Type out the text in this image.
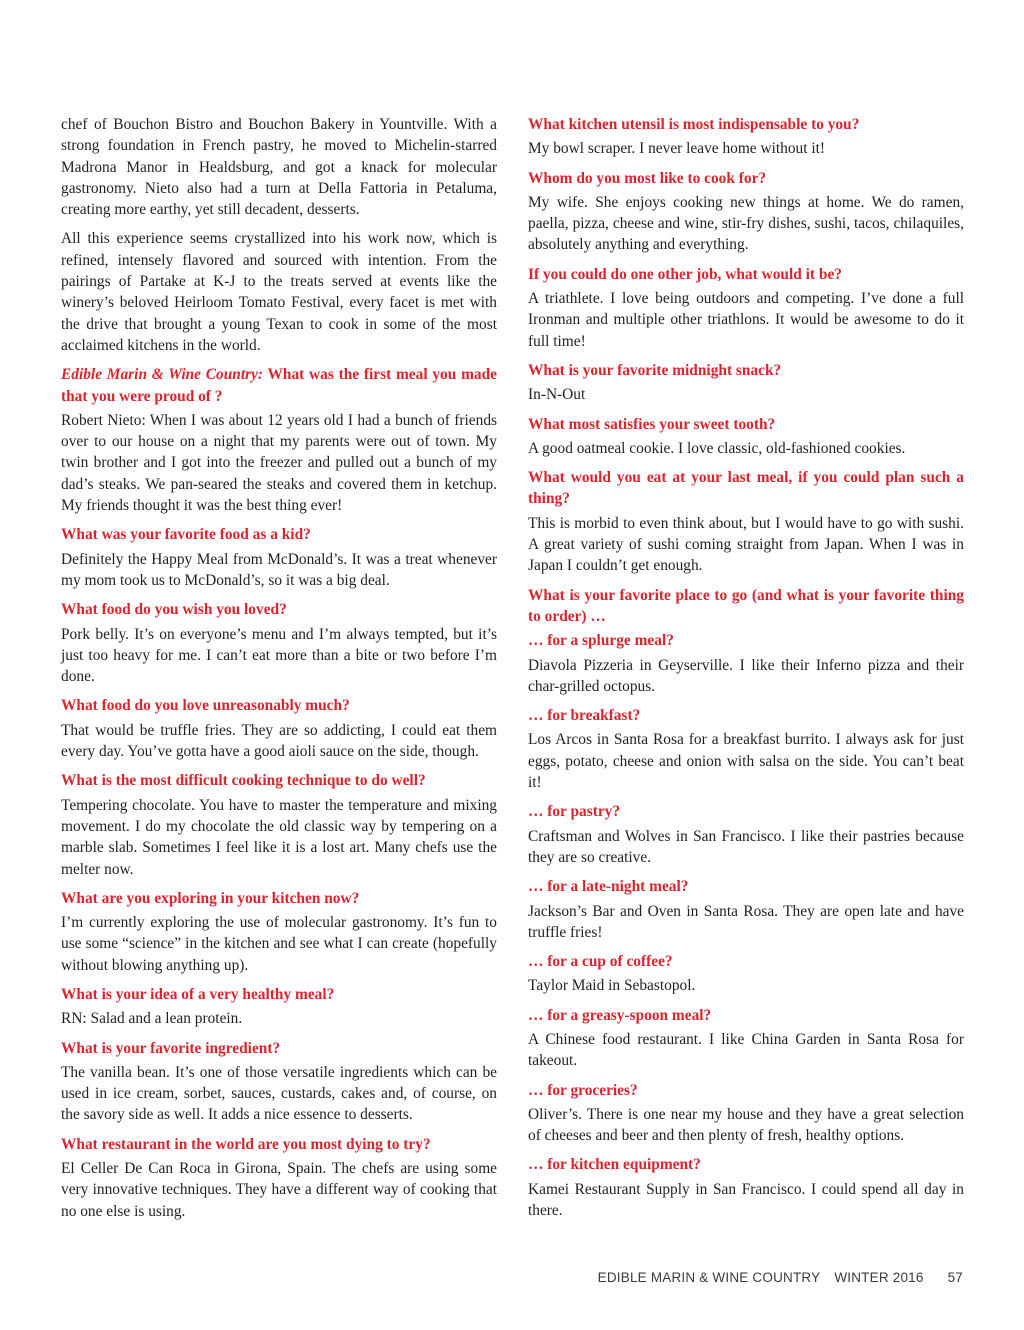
chef of Bouchon Bistro and Bouchon Bakery in Yountville. With a strong foundation in French pastry, he moved to Michelin-starred Madrona Manor in Healdsburg, and got a knack for molecular gastronomy. Nieto also had a turn at Della Fattoria in Petaluma, creating more earthy, yet still decadent, desserts.

All this experience seems crystallized into his work now, which is refined, intensely flavored and sourced with intention. From the pairings of Partake at K-J to the treats served at events like the winery’s beloved Heirloom Tomato Festival, every facet is met with the drive that brought a young Texan to cook in some of the most acclaimed kitchens in the world.

Edible Marin & Wine Country: What was the first meal you made that you were proud of ?

Robert Nieto: When I was about 12 years old I had a bunch of friends over to our house on a night that my parents were out of town. My twin brother and I got into the freezer and pulled out a bunch of my dad’s steaks. We pan-seared the steaks and covered them in ketchup. My friends thought it was the best thing ever!

What was your favorite food as a kid?

Definitely the Happy Meal from McDonald’s. It was a treat whenever my mom took us to McDonald’s, so it was a big deal.

What food do you wish you loved?

Pork belly. It’s on everyone’s menu and I’m always tempted, but it’s just too heavy for me. I can’t eat more than a bite or two before I’m done.

What food do you love unreasonably much?

That would be truffle fries. They are so addicting, I could eat them every day. You’ve gotta have a good aioli sauce on the side, though.

What is the most difficult cooking technique to do well?

Tempering chocolate. You have to master the temperature and mixing movement. I do my chocolate the old classic way by tempering on a marble slab. Sometimes I feel like it is a lost art. Many chefs use the melter now.

What are you exploring in your kitchen now?

I’m currently exploring the use of molecular gastronomy. It’s fun to use some “science” in the kitchen and see what I can create (hopefully without blowing anything up).

What is your idea of a very healthy meal?

RN: Salad and a lean protein.

What is your favorite ingredient?

The vanilla bean. It’s one of those versatile ingredients which can be used in ice cream, sorbet, sauces, custards, cakes and, of course, on the savory side as well. It adds a nice essence to desserts.

What restaurant in the world are you most dying to try?

El Celler De Can Roca in Girona, Spain. The chefs are using some very innovative techniques. They have a different way of cooking that no one else is using.

What kitchen utensil is most indispensable to you?

My bowl scraper. I never leave home without it!

Whom do you most like to cook for?

My wife. She enjoys cooking new things at home. We do ramen, paella, pizza, cheese and wine, stir-fry dishes, sushi, tacos, chilaquiles, absolutely anything and everything.

If you could do one other job, what would it be?

A triathlete. I love being outdoors and competing. I’ve done a full Ironman and multiple other triathlons. It would be awesome to do it full time!

What is your favorite midnight snack?

In-N-Out

What most satisfies your sweet tooth?

A good oatmeal cookie. I love classic, old-fashioned cookies.

What would you eat at your last meal, if you could plan such a thing?

This is morbid to even think about, but I would have to go with sushi. A great variety of sushi coming straight from Japan. When I was in Japan I couldn’t get enough.

What is your favorite place to go (and what is your favorite thing to order) …

… for a splurge meal?

Diavola Pizzeria in Geyserville. I like their Inferno pizza and their char-grilled octopus.

… for breakfast?

Los Arcos in Santa Rosa for a breakfast burrito. I always ask for just eggs, potato, cheese and onion with salsa on the side. You can’t beat it!

… for pastry?

Craftsman and Wolves in San Francisco. I like their pastries because they are so creative.

… for a late-night meal?

Jackson’s Bar and Oven in Santa Rosa. They are open late and have truffle fries!

… for a cup of coffee?

Taylor Maid in Sebastopol.

… for a greasy-spoon meal?

A Chinese food restaurant. I like China Garden in Santa Rosa for takeout.

… for groceries?

Oliver’s. There is one near my house and they have a great selection of cheeses and beer and then plenty of fresh, healthy options.

… for kitchen equipment?

Kamei Restaurant Supply in San Francisco. I could spend all day in there.

EDIBLE MARIN & WINE COUNTRY WINTER 2016 57
